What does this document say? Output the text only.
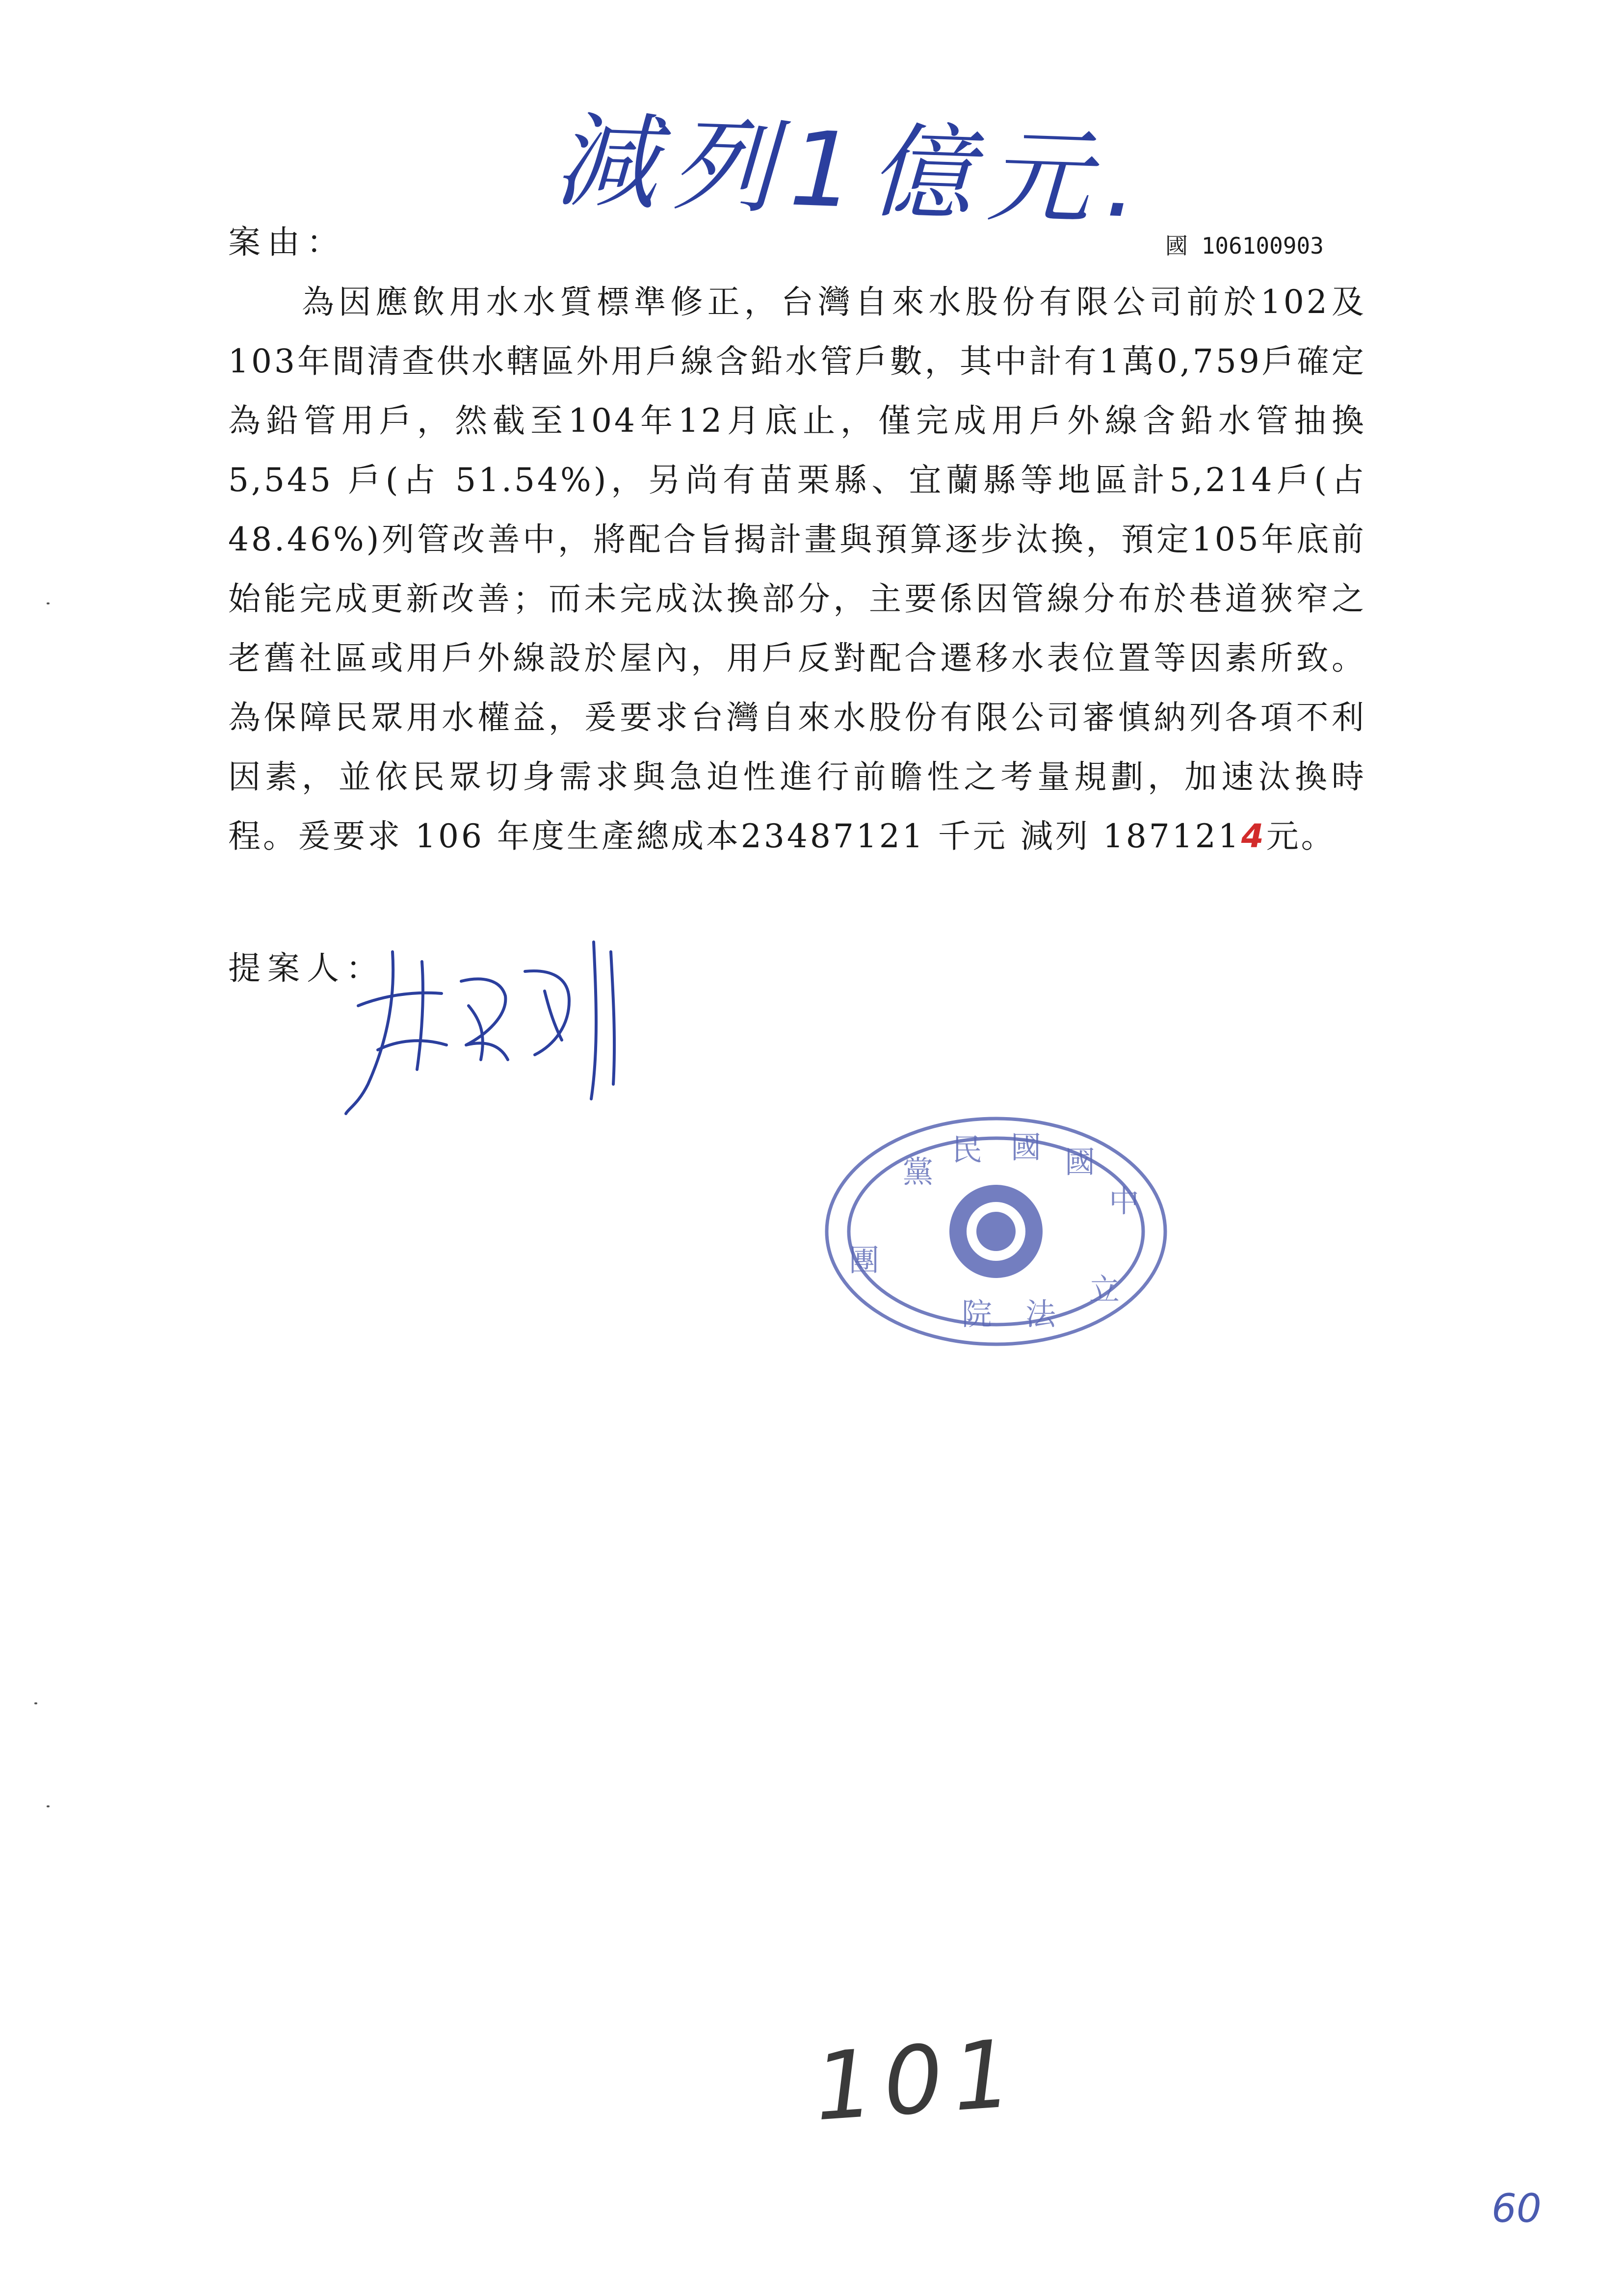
減列1億元.
案由：	國 106100903

為因應飲用水水質標準修正，台灣自來水股份有限公司前於102及103年間清查供水轄區外用戶線含鉛水管戶數，其中計有1萬0,759戶確定為鉛管用戶，然截至104年12月底止，僅完成用戶外線含鉛水管抽換 5,545 戶(占 51.54%)，另尚有苗栗縣、宜蘭縣等地區計5,214戶(占48.46%)列管改善中，將配合旨揭計畫與預算逐步汰換，預定105年底前始能完成更新改善；而未完成汰換部分，主要係因管線分布於巷道狹窄之老舊社區或用戶外線設於屋內，用戶反對配合遷移水表位置等因素所致。為保障民眾用水權益，爰要求台灣自來水股份有限公司審慎納列各項不利因素，並依民眾切身需求與急迫性進行前瞻性之考量規劃，加速汰換時程。爰要求 106 年度生產總成本23487121 千元 減列 1871214元。

提案人：
黨
民 國 國
中
團
院 法
立
101
60
